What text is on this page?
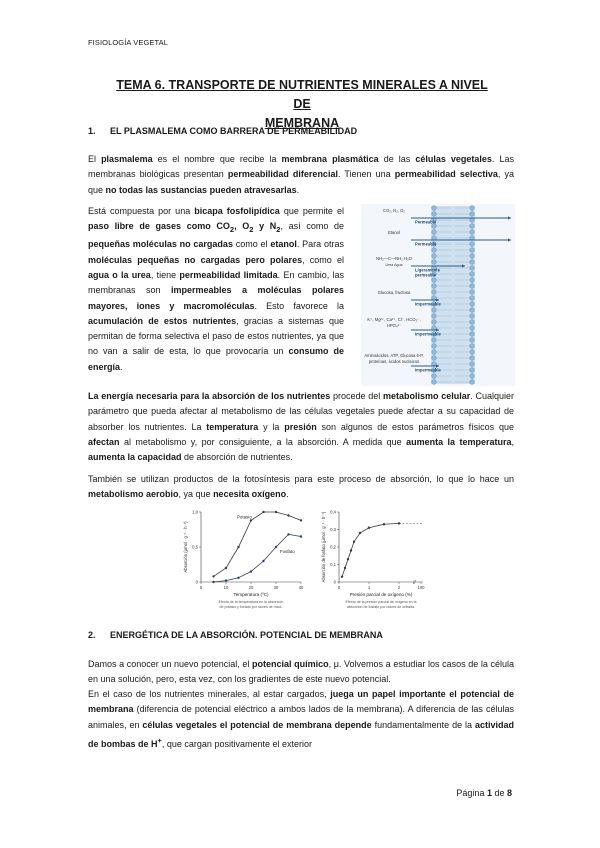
FISIOLOGÍA VEGETAL
TEMA 6. TRANSPORTE DE NUTRIENTES MINERALES A NIVEL DE
MEMBRANA
1. EL PLASMALEMA COMO BARRERA DE PERMEABILIDAD
El plasmalema es el nombre que recibe la membrana plasmática de las células vegetales. Las membranas biológicas presentan permeabilidad diferencial. Tienen una permeabilidad selectiva, ya que no todas las sustancias pueden atravesarlas.
Está compuesta por una bicapa fosfolipídica que permite el paso libre de gases como $CO_2$, $O_2$ y $N_2$, así como de pequeñas moléculas no cargadas como el etanol. Para otras moléculas pequeñas no cargadas pero polares, como el agua o la urea, tiene permeabilidad limitada. En cambio, las membranas son impermeables a moléculas polares mayores, iones y macromoléculas. Esto favorece la acumulación de estos nutrientes, gracias a sistemas que permitan de forma selectiva el paso de estos nutrientes, ya que no van a salir de esta, lo que provocaría un consumo de energía.
CO₂, N₂, O₂
Permeable
Etanol
Permeable
NH₂—C—NH₂ H₂O
Urea Agua
Ligeramente
permeable
Glucosa, fructosa
Impermeable
K⁺, Mg²⁺, Ca²⁺, Cl⁻, HCO₃⁻,
HPO₄²⁻
Impermeable
Aminoácidos, ATP, Glucosa 6-P,
proteínas, ácidos nucleicos
Impermeable
La energía necesaria para la absorción de los nutrientes procede del metabolismo celular. Cualquier parámetro que pueda afectar al metabolismo de las células vegetales puede afectar a su capacidad de absorber los nutrientes. La temperatura y la presión son algunos de estos parámetros físicos que afectan al metabolismo y, por consiguiente, a la absorción. A medida que aumenta la temperatura, aumenta la capacidad de absorción de nutrientes.
También se utilizan productos de la fotosíntesis para este proceso de absorción, lo que lo hace un metabolismo aerobio, ya que necesita oxígeno.
0
0,5
1,0
0	10	20	30	40
Temperatura (ºC)
Absorción (μmol · g⁻¹ · h⁻¹)
Efecto de la temperatura en la absorción
de potasio y fosfato por raíces de maíz.
Potasio
Fosfato
0
0,1
0,2
0,3
0,4
0	1	2	100
Presión parcial de oxígeno (%)
Absorción de fosfato (μmol · g⁻¹ · h⁻¹)
Efecto de la presión parcial de oxígeno en la
absorción de fosfato por raíces de cebada.
//
2. ENERGÉTICA DE LA ABSORCIÓN. POTENCIAL DE MEMBRANA
Damos a conocer un nuevo potencial, el potencial químico, μ. Volvemos a estudiar los casos de la célula en una solución, pero, esta vez, con los gradientes de este nuevo potencial.
En el caso de los nutrientes minerales, al estar cargados, juega un papel importante el potencial de membrana (diferencia de potencial eléctrico a ambos lados de la membrana). A diferencia de las células animales, en células vegetales el potencial de membrana depende fundamentalmente de la actividad de bombas de H+, que cargan positivamente el exterior
Página 1 de 8
